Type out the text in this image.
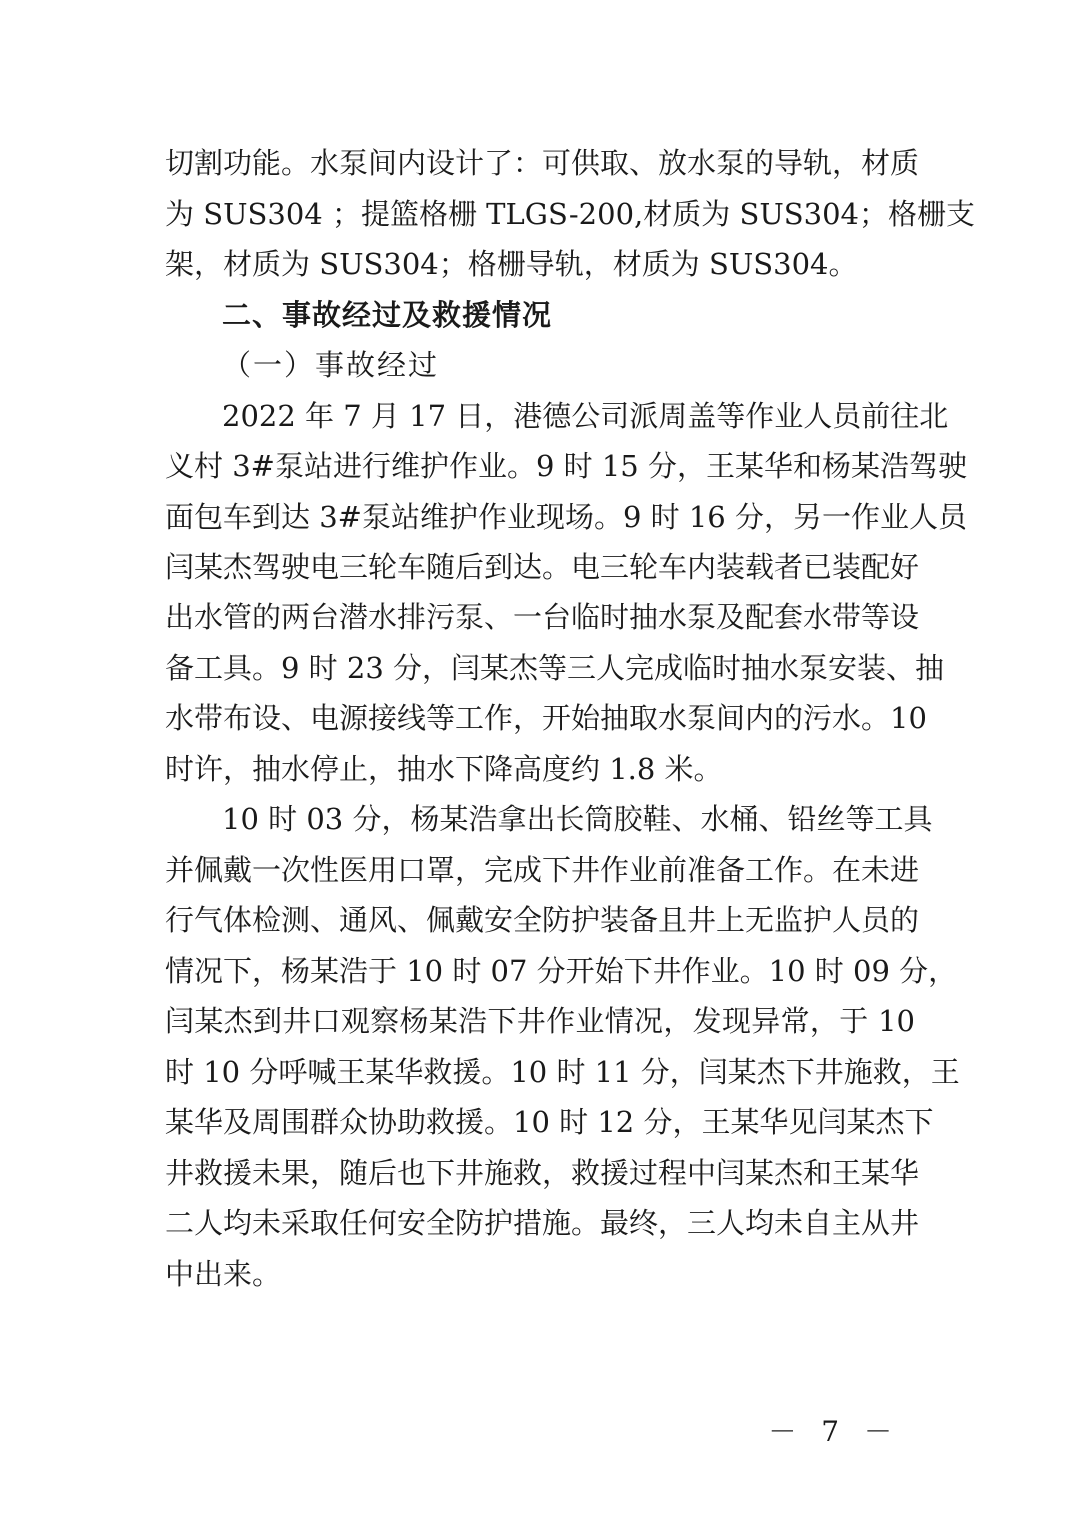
切割功能。水泵间内设计了：可供取、放水泵的导轨，材质
为 SUS304 ；提篮格栅 TLGS-200,材质为 SUS304；格栅支
架，材质为 SUS304；格栅导轨，材质为 SUS304。
二、事故经过及救援情况
（一）事故经过
2022 年 7 月 17 日，港德公司派周盖等作业人员前往北
义村 3#泵站进行维护作业。9 时 15 分，王某华和杨某浩驾驶
面包车到达 3#泵站维护作业现场。9 时 16 分，另一作业人员
闫某杰驾驶电三轮车随后到达。电三轮车内装载者已装配好
出水管的两台潜水排污泵、一台临时抽水泵及配套水带等设
备工具。9 时 23 分，闫某杰等三人完成临时抽水泵安装、抽
水带布设、电源接线等工作，开始抽取水泵间内的污水。10
时许，抽水停止，抽水下降高度约 1.8 米。
10 时 03 分，杨某浩拿出长筒胶鞋、水桶、铅丝等工具
并佩戴一次性医用口罩，完成下井作业前准备工作。在未进
行气体检测、通风、佩戴安全防护装备且井上无监护人员的
情况下，杨某浩于 10 时 07 分开始下井作业。10 时 09 分，
闫某杰到井口观察杨某浩下井作业情况，发现异常，于 10
时 10 分呼喊王某华救援。10 时 11 分，闫某杰下井施救，王
某华及周围群众协助救援。10 时 12 分，王某华见闫某杰下
井救援未果，随后也下井施救，救援过程中闫某杰和王某华
二人均未采取任何安全防护措施。最终，三人均未自主从井
中出来。
－ 7 －
